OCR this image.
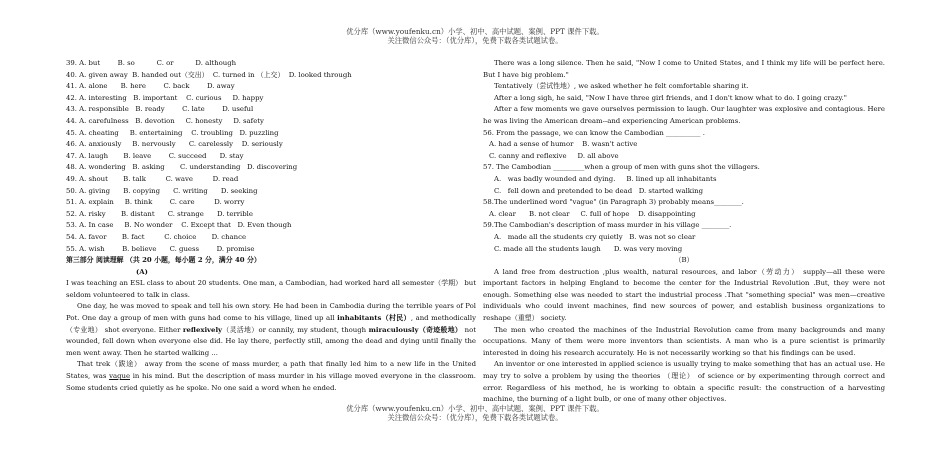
优分库（www.youfenku.cn）小学、初中、高中试题、案例、PPT 课件下载。
关注微信公众号：（优分库），免费下载各类试题试卷。

39. A. but        B. so          C. or          D. although

40. A. given away  B. handed out（交出）  C. turned in （上交）  D. looked through

41. A. alone      B. here        C. back        D. away

42. A. interesting   B. important    C. curious     D. happy

43. A. responsible   B. ready        C. late        D. useful

44. A. carefulness   B. devotion     C. honesty     D. safety

45. A. cheating     B. entertaining    C. troubling   D. puzzling

46. A. anxiously     B. nervously      C. carelessly    D. seriously

47. A. laugh       B. leave        C. succeed      D. stay

48. A. wondering   B. asking       C. understanding   D. discovering

49. A. shout       B. talk         C. wave         D. read

50. A. giving      B. copying      C. writing      D. seeking

51. A. explain     B. think        C. care         D. worry

52. A. risky       B. distant      C. strange      D. terrible

53. A. In case     B. No wonder    C. Except that   D. Even though

54. A. favor       B. fact         C. choice       D. chance

55. A. wish        B. believe      C. guess        D. promise

第三部分 阅读理解 （共 20 小题，每小题 2 分，满分 40 分）

(A)

I was teaching an ESL class to about 20 students. One man, a Cambodian, had worked hard all semester（学期） but seldom volunteered to talk in class.

One day, he was moved to speak and tell his own story. He had been in Cambodia during the terrible years of Pol Pot. One day a group of men with guns had come to his village, lined up all inhabitants（村民）, and methodically（专业地） shot everyone. Either reflexively（灵活地）or cannily, my student, though miraculously（奇迹般地） not wounded, fell down when everyone else did. He lay there, perfectly still, among the dead and dying until finally the men went away. Then he started walking ...

That trek（跋途） away from the scene of mass murder, a path that finally led him to a new life in the United States, was vague in his mind. But the description of mass murder in his village moved everyone in the classroom. Some students cried quietly as he spoke. No one said a word when he ended.

There was a long silence. Then he said, "Now I come to United States, and I think my life will be perfect here. But I have big problem."

Tentatively（尝试性地）, we asked whether he felt comfortable sharing it.

After a long sigh, he said, "Now I have three girl friends, and I don't know what to do. I going crazy."

After a few moments we gave ourselves permission to laugh. Our laughter was explosive and contagious. Here he was living the American dream--and experiencing American problems.

56. From the passage, we can know the Cambodian __________ .

A. had a sense of humor    B. wasn't active

C. canny and reflexive     D. all above

57. The Cambodian _________when a group of men with guns shot the villagers.

A.   was badly wounded and dying.     B. lined up all inhabitants

C.   fell down and pretended to be dead   D. started walking

58.The underlined word "vague" (in Paragraph 3) probably means________.

A. clear      B. not clear     C. full of hope    D. disappointing

59.The Cambodian's description of mass murder in his village ________.

A.   made all the students cry quietly   B. was not so clear

C. made all the students laugh      D. was very moving

（B）

A land free from destruction ,plus wealth, natural resources, and labor（劳动力） supply—all these were important factors in helping England to become the center for the Industrial Revolution .But, they were not enough. Something else was needed to start the industrial process .That "something special" was men—creative individuals who could invent machines, find new sources of power, and establish business organizations to reshape（重塑） society.

The men who created the machines of the Industrial Revolution came from many backgrounds and many occupations. Many of them were more inventors than scientists. A man who is a pure scientist is primarily interested in doing his research accurately. He is not necessarily working so that his findings can be used.

An inventor or one interested in applied science is usually trying to make something that has an actual use. He may try to solve a problem by using the theories （理论） of science or by experimenting through correct and error. Regardless of his method, he is working to obtain a specific result: the construction of a harvesting machine, the burning of a light bulb, or one of many other objectives.

优分库（www.youfenku.cn）小学、初中、高中试题、案例、PPT 课件下载。
关注微信公众号：（优分库），免费下载各类试题试卷。
